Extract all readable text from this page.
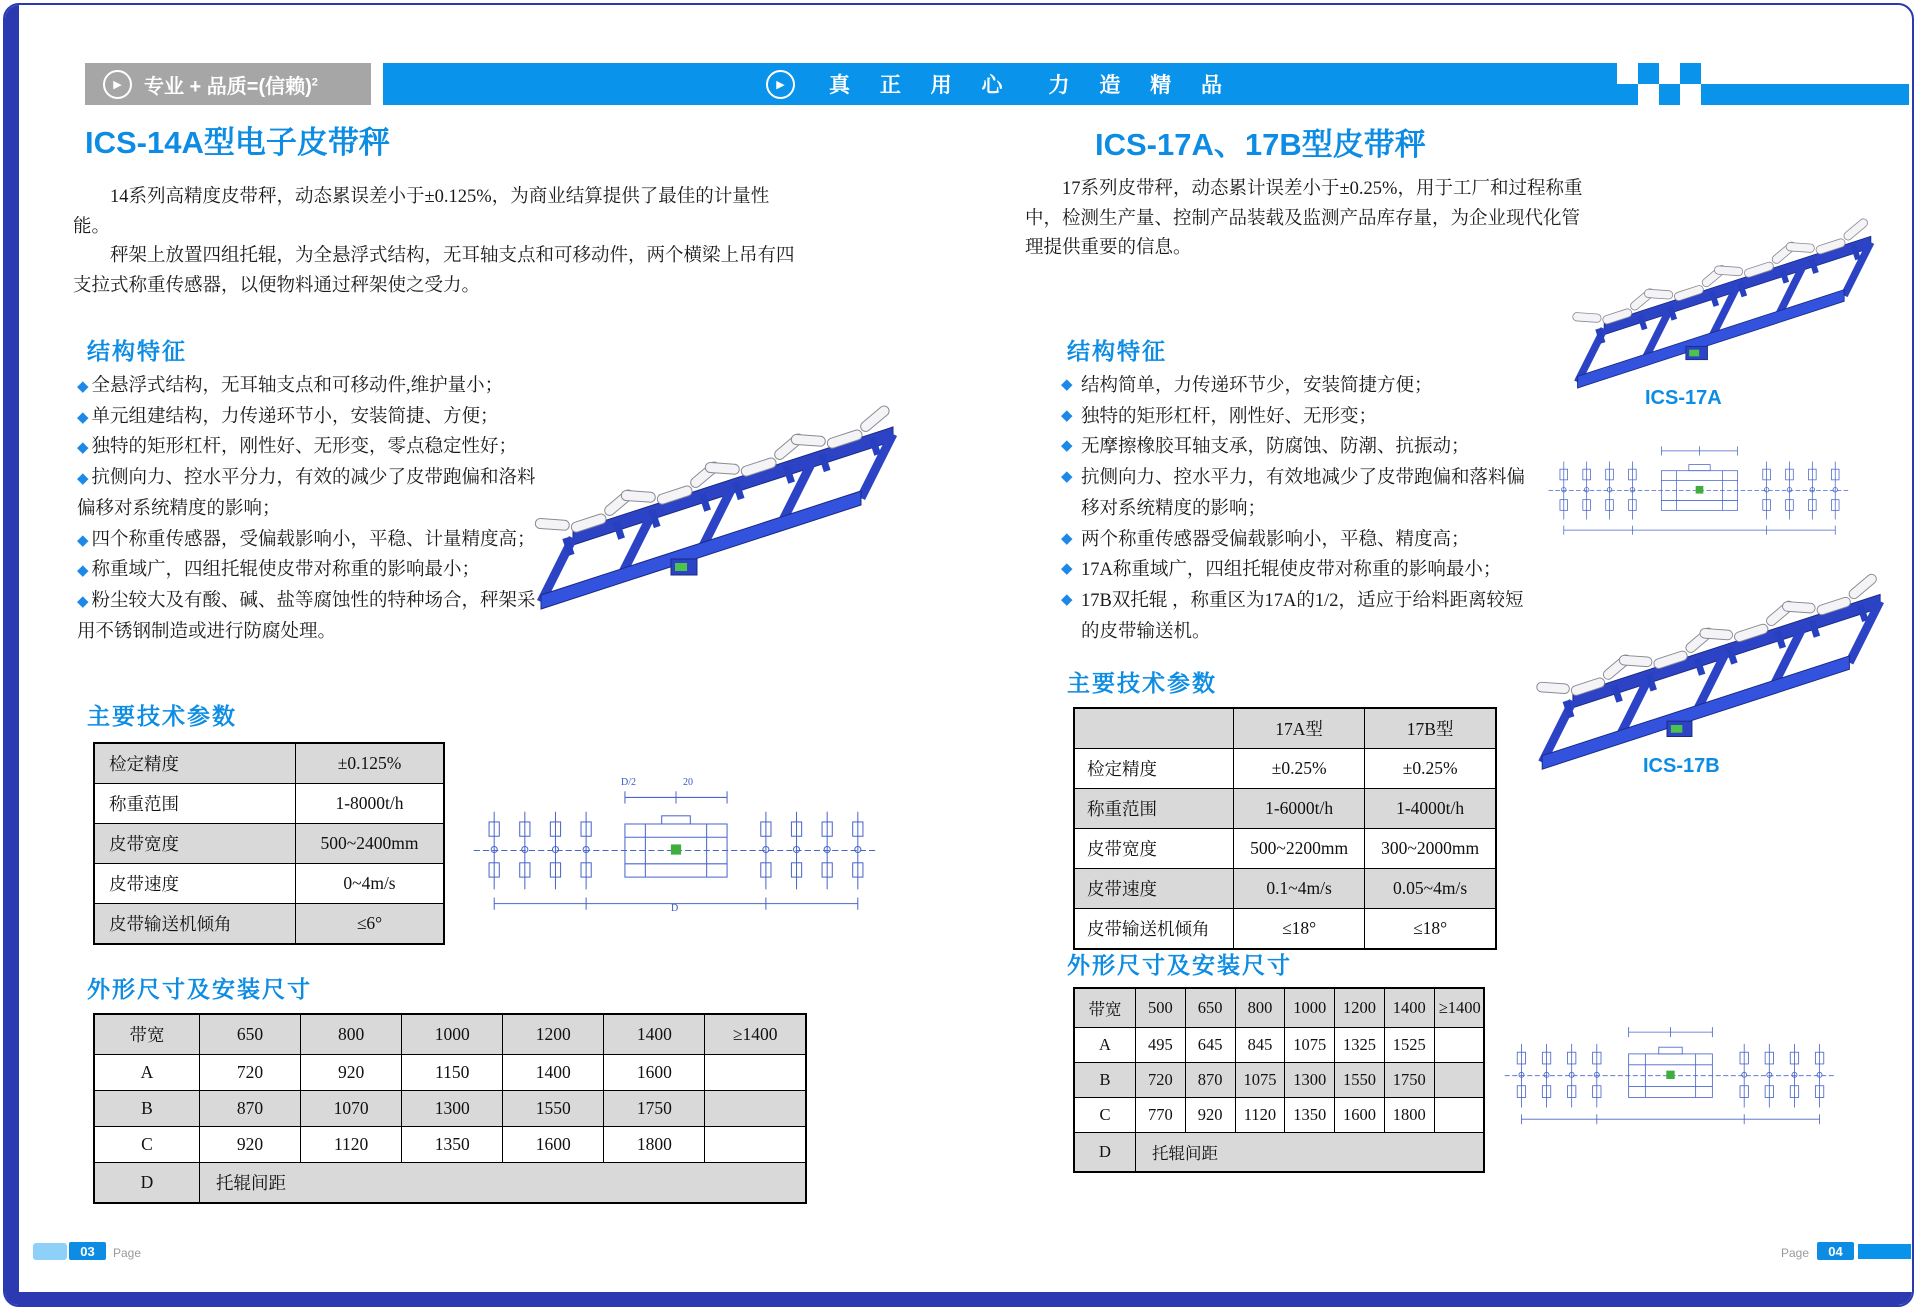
▶	专业 + 品质=(信赖)$^2$	▶	真 正 用 心 力 造 精 品
ICS-14A型电子皮带秤

14系列高精度皮带秤，动态累误差小于±0.125%，为商业结算提供了最佳的计量性能。

秤架上放置四组托辊，为全悬浮式结构，无耳轴支点和可移动件，两个横梁上吊有四支拉式称重传感器，以便物料通过秤架使之受力。

结构特征
◆ 全悬浮式结构，无耳轴支点和可移动件,维护量小；
◆ 单元组建结构，力传递环节小，安装简捷、方便；
◆ 独特的矩形杠杆，刚性好、无形变，零点稳定性好；
◆ 抗侧向力、控水平分力，有效的减少了皮带跑偏和洛料偏移对系统精度的影响；
◆ 四个称重传感器，受偏载影响小，平稳、计量精度高；
◆ 称重域广，四组托辊使皮带对称重的影响最小；
◆ 粉尘较大及有酸、碱、盐等腐蚀性的特种场合，秤架采用不锈钢制造或进行防腐处理。
主要技术参数
检定精度	±0.125%
称重范围	1-8000t/h
皮带宽度	500~2400mm
皮带速度	0~4m/s
皮带输送机倾角	≤6°
D/2	20
D
外形尺寸及安装尺寸
带宽	650	800	1000	1200	1400	≥1400
A	720	920	1150	1400	1600	
B	870	1070	1300	1550	1750	
C	920	1120	1350	1600	1800	
D	托辊间距					
03	Page
ICS-17A、17B型皮带秤

17系列皮带秤，动态累计误差小于±0.25%，用于工厂和过程称重中，检测生产量、控制产品装载及监测产品库存量，为企业现代化管理提供重要的信息。

ICS-17A
结构特征
◆ 结构简单，力传递环节少，安装简捷方便；
◆ 独特的矩形杠杆，刚性好、无形变；
◆ 无摩擦橡胶耳轴支承，防腐蚀、防潮、抗振动；
◆ 抗侧向力、控水平力，有效地减少了皮带跑偏和落料偏移对系统精度的影响；
◆ 两个称重传感器受偏载影响小，平稳、精度高；
◆ 17A称重域广，四组托辊使皮带对称重的影响最小；
◆ 17B双托辊 ，称重区为17A的1/2，适应于给料距离较短的皮带输送机。
主要技术参数
	17A型	17B型
检定精度	±0.25%	±0.25%
称重范围	1-6000t/h	1-4000t/h
皮带宽度	500~2200mm	300~2000mm
皮带速度	0.1~4m/s	0.05~4m/s
皮带输送机倾角	≤18°	≤18°
ICS-17B
外形尺寸及安装尺寸
带宽	500	650	800	1000	1200	1400	≥1400
A	495	645	845	1075	1325	1525	
B	720	870	1075	1300	1550	1750	
C	770	920	1120	1350	1600	1800	
D	托辊间距						
Page	04
